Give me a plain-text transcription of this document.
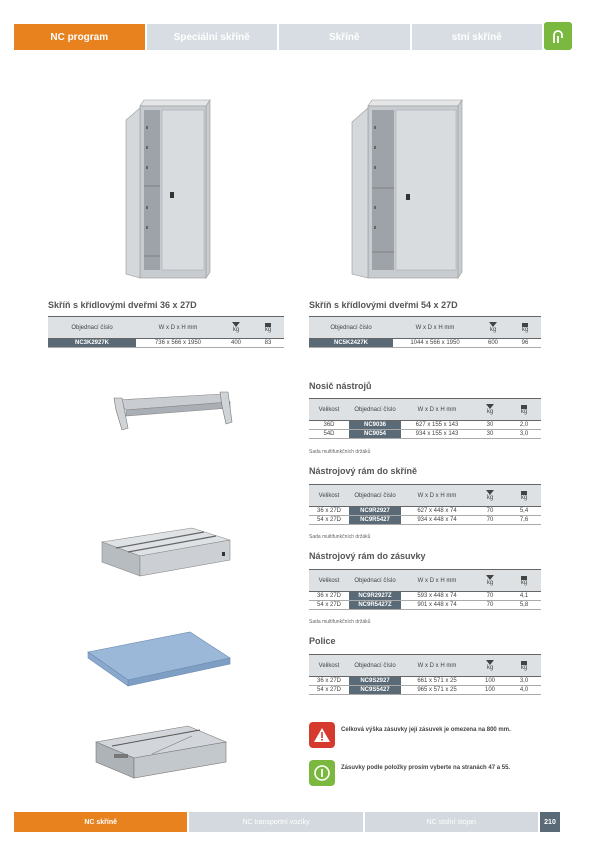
NC program	Speciální skříně	Skříně	stní skříně
Skříň s křídlovými dveřmi 36 x 27D
Objednací číslo	W x D x H mm	kg	kg

NC3K2927K	736 x 566 x 1950	400	83
Skříň s křídlovými dveřmi 54 x 27D
Objednací číslo	W x D x H mm	kg	kg

NC5K2427K	1044 x 566 x 1950	600	96
Nosič nástrojů
Velikost	Objednací číslo	W x D x H mm	kg	kg

36D	NC9036	627 x 155 x 143	30	2,0
54D	NC9054	934 x 155 x 143	30	3,0
Sada multifunkčních držáků
Nástrojový rám do skříně
Velikost	Objednací číslo	W x D x H mm	kg	kg

36 x 27D	NC9R2927	627 x 448 x 74	70	5,4
54 x 27D	NC9R5427	934 x 448 x 74	70	7,6
Sada multifunkčních držáků
Nástrojový rám do zásuvky
Velikost	Objednací číslo	W x D x H mm	kg	kg

36 x 27D	NC9R2927Z	593 x 448 x 74	70	4,1
54 x 27D	NC9R5427Z	901 x 448 x 74	70	5,8
Sada multifunkčních držáků
Police
Velikost	Objednací číslo	W x D x H mm	kg	kg

36 x 27D	NC9S2927	661 x 571 x 25	100	3,0
54 x 27D	NC9S5427	965 x 571 x 25	100	4,0
Celková výška zásuvky její zásuvek je omezena na 800 mm.
Zásuvky podle položky prosím vyberte na stranách 47 a 55.
NC skříně	NC transportní vozíky	NC stolní stojan	210
